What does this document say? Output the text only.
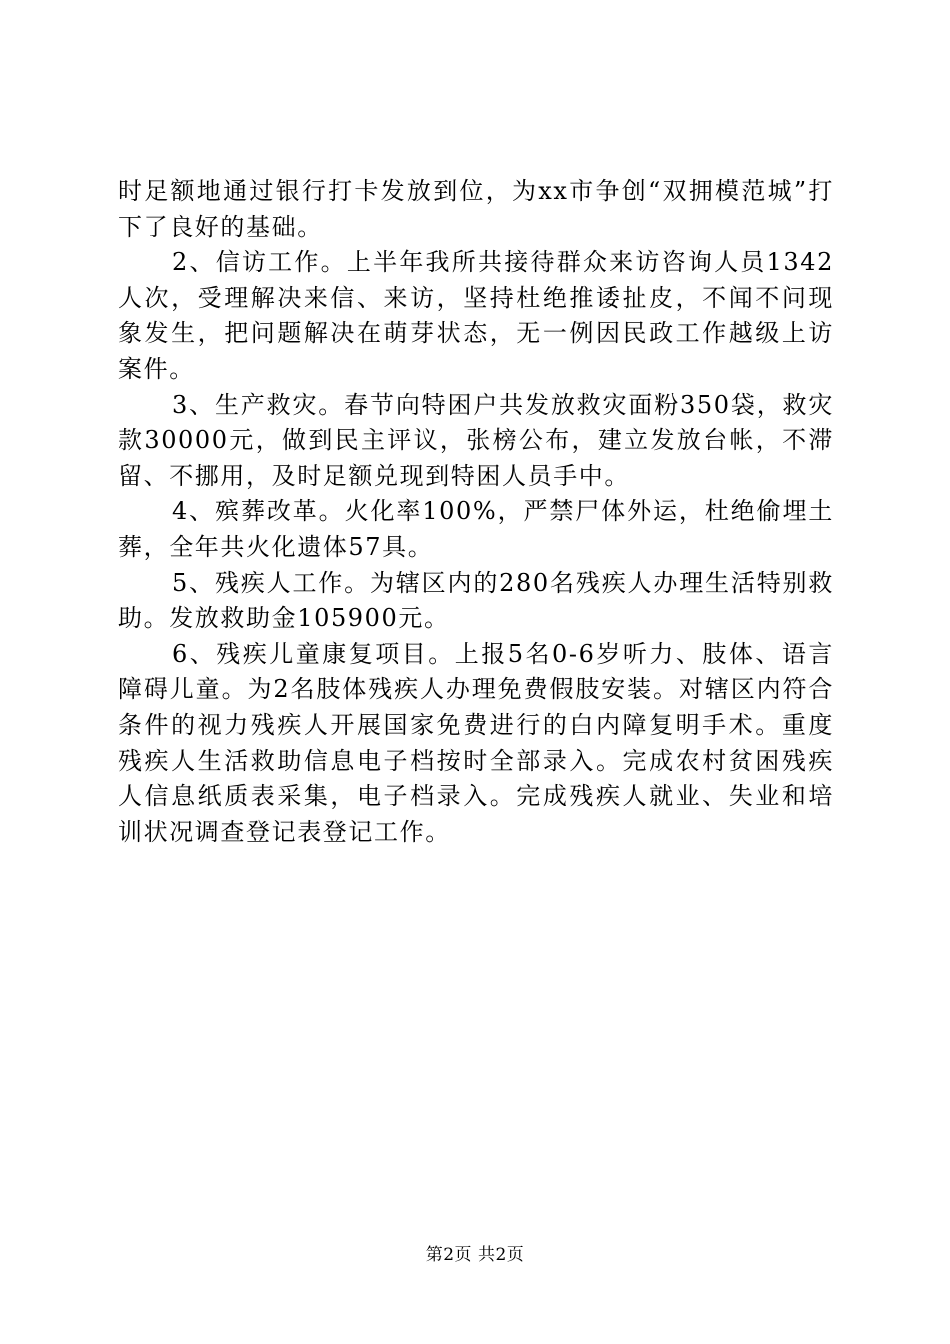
时足额地通过银行打卡发放到位，为xx市争创“双拥模范城”打下了良好的基础。

2、信访工作。上半年我所共接待群众来访咨询人员1342人次，受理解决来信、来访，坚持杜绝推诿扯皮，不闻不问现象发生，把问题解决在萌芽状态，无一例因民政工作越级上访案件。

3、生产救灾。春节向特困户共发放救灾面粉350袋，救灾款30000元，做到民主评议，张榜公布，建立发放台帐，不滞留、不挪用，及时足额兑现到特困人员手中。

4、殡葬改革。火化率100%，严禁尸体外运，杜绝偷埋土葬，全年共火化遗体57具。

5、残疾人工作。为辖区内的280名残疾人办理生活特别救助。发放救助金105900元。

6、残疾儿童康复项目。上报5名0-6岁听力、肢体、语言障碍儿童。为2名肢体残疾人办理免费假肢安装。对辖区内符合条件的视力残疾人开展国家免费进行的白内障复明手术。重度残疾人生活救助信息电子档按时全部录入。完成农村贫困残疾人信息纸质表采集，电子档录入。完成残疾人就业、失业和培训状况调查登记表登记工作。

第2页 共2页
